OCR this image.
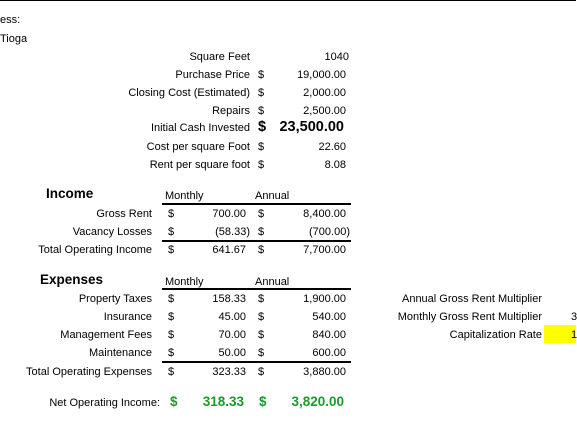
ess:
Tioga
Square Feet	1040
Purchase Price $	19,000.00
Closing Cost (Estimated) $	2,000.00
Repairs $	2,500.00
Initial Cash Invested $ 23,500.00
Cost per square Foot $	22.60
Rent per square foot $	8.08
Income	Monthly	Annual
Gross Rent $	700.00 $	8,400.00
Vacancy Losses $	(58.33) $	(700.00)
Total Operating Income $	641.67 $	7,700.00
Expenses	Monthly	Annual
Property Taxes $	158.33 $	1,900.00
Insurance $	45.00 $	540.00
Management Fees $	70.00 $	840.00
Maintenance $	50.00 $	600.00
Total Operating Expenses $	323.33 $	3,880.00
Net Operating Income: $ 318.33 $ 3,820.00
Annual Gross Rent Multiplier
Monthly Gross Rent Multiplier	3
Capitalization Rate	1
